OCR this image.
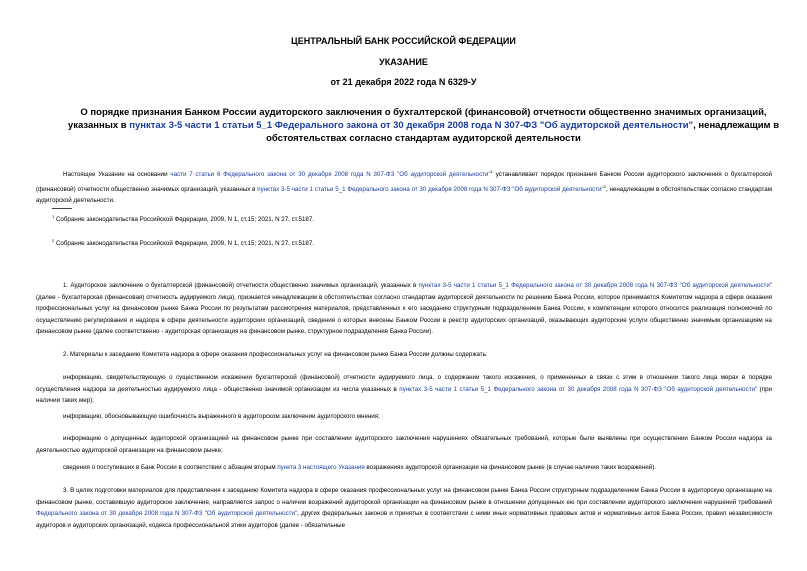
ЦЕНТРАЛЬНЫЙ БАНК РОССИЙСКОЙ ФЕДЕРАЦИИ
УКАЗАНИЕ
от 21 декабря 2022 года N 6329-У
О порядке признания Банком России аудиторского заключения о бухгалтерской (финансовой) отчетности общественно значимых организаций, указанных в пунктах 3-5 части 1 статьи 5_1 Федерального закона от 30 декабря 2008 года N 307-ФЗ "Об аудиторской деятельности", ненадлежащим в обстоятельствах согласно стандартам аудиторской деятельности
Настоящее Указание на основании части 7 статьи 6 Федерального закона от 30 декабря 2008 года N 307-ФЗ "Об аудиторской деятельности"$^1$ устанавливает порядок признания Банком России аудиторского заключения о бухгалтерской (финансовой) отчетности общественно значимых организаций, указанных в пунктах 3-5 части 1 статьи 5_1 Федерального закона от 30 декабря 2008 года N 307-ФЗ "Об аудиторской деятельности"$^2$, ненадлежащим в обстоятельствах согласно стандартам аудиторской деятельности.
$^1$ Собрание законодательства Российской Федерации, 2009, N 1, ст.15; 2021, N 27, ст.5187.
$^2$ Собрание законодательства Российской Федерации, 2009, N 1, ст.15; 2021, N 27, ст.5187.
1. Аудиторское заключение о бухгалтерской (финансовой) отчетности общественно значимых организаций, указанных в пунктах 3-5 части 1 статьи 5_1 Федерального закона от 30 декабря 2008 года N 307-ФЗ "Об аудиторской деятельности" (далее - бухгалтерская (финансовая) отчетность аудируемого лица), признается ненадлежащим в обстоятельствах согласно стандартам аудиторской деятельности по решению Банка России, которое принимается Комитетом надзора в сфере оказания профессиональных услуг на финансовом рынке Банка России по результатам рассмотрения материалов, представленных к его заседанию структурным подразделением Банка России, к компетенции которого относится реализация полномочий по осуществлению регулирования и надзора в сфере деятельности аудиторских организаций, сведения о которых внесены Банком России в реестр аудиторских организаций, оказывающих аудиторские услуги общественно значимым организациям на финансовом рынке (далее соответственно - аудиторская организация на финансовом рынке, структурное подразделение Банка России).
2. Материалы к заседанию Комитета надзора в сфере оказания профессиональных услуг на финансовом рынке Банка России должны содержать:
информацию, свидетельствующую о существенном искажении бухгалтерской (финансовой) отчетности аудируемого лица, о содержании такого искажения, о примененных в связи с этим в отношении такого лица мерах в порядке осуществления надзора за деятельностью аудируемого лица - общественно значимой организации из числа указанных в пунктах 3-5 части 1 статьи 5_1 Федерального закона от 30 декабря 2008 года N 307-ФЗ "Об аудиторской деятельности" (при наличии таких мер);
информацию, обосновывающую ошибочность выраженного в аудиторском заключении аудиторского мнения;
информацию о допущенных аудиторской организацией на финансовом рынке при составлении аудиторского заключения нарушениях обязательных требований, которые были выявлены при осуществлении Банком России надзора за деятельностью аудиторской организации на финансовом рынке;
сведения о поступивших в Банк России в соответствии с абзацем вторым пункта 3 настоящего Указания возражениях аудиторской организации на финансовом рынке (в случае наличия таких возражений).
3. В целях подготовки материалов для представления к заседанию Комитета надзора в сфере оказания профессиональных услуг на финансовом рынке Банка России структурным подразделением Банка России в аудиторскую организацию на финансовом рынке, составившую аудиторское заключение, направляется запрос о наличии возражений аудиторской организации на финансовом рынке в отношении допущенных ею при составлении аудиторского заключения нарушений требований Федерального закона от 30 декабря 2008 года N 307-ФЗ "Об аудиторской деятельности", других федеральных законов и принятых в соответствии с ними иных нормативных правовых актов и нормативных актов Банка России, правил независимости аудиторов и аудиторских организаций, кодекса профессиональной этики аудиторов (далее - обязательные
